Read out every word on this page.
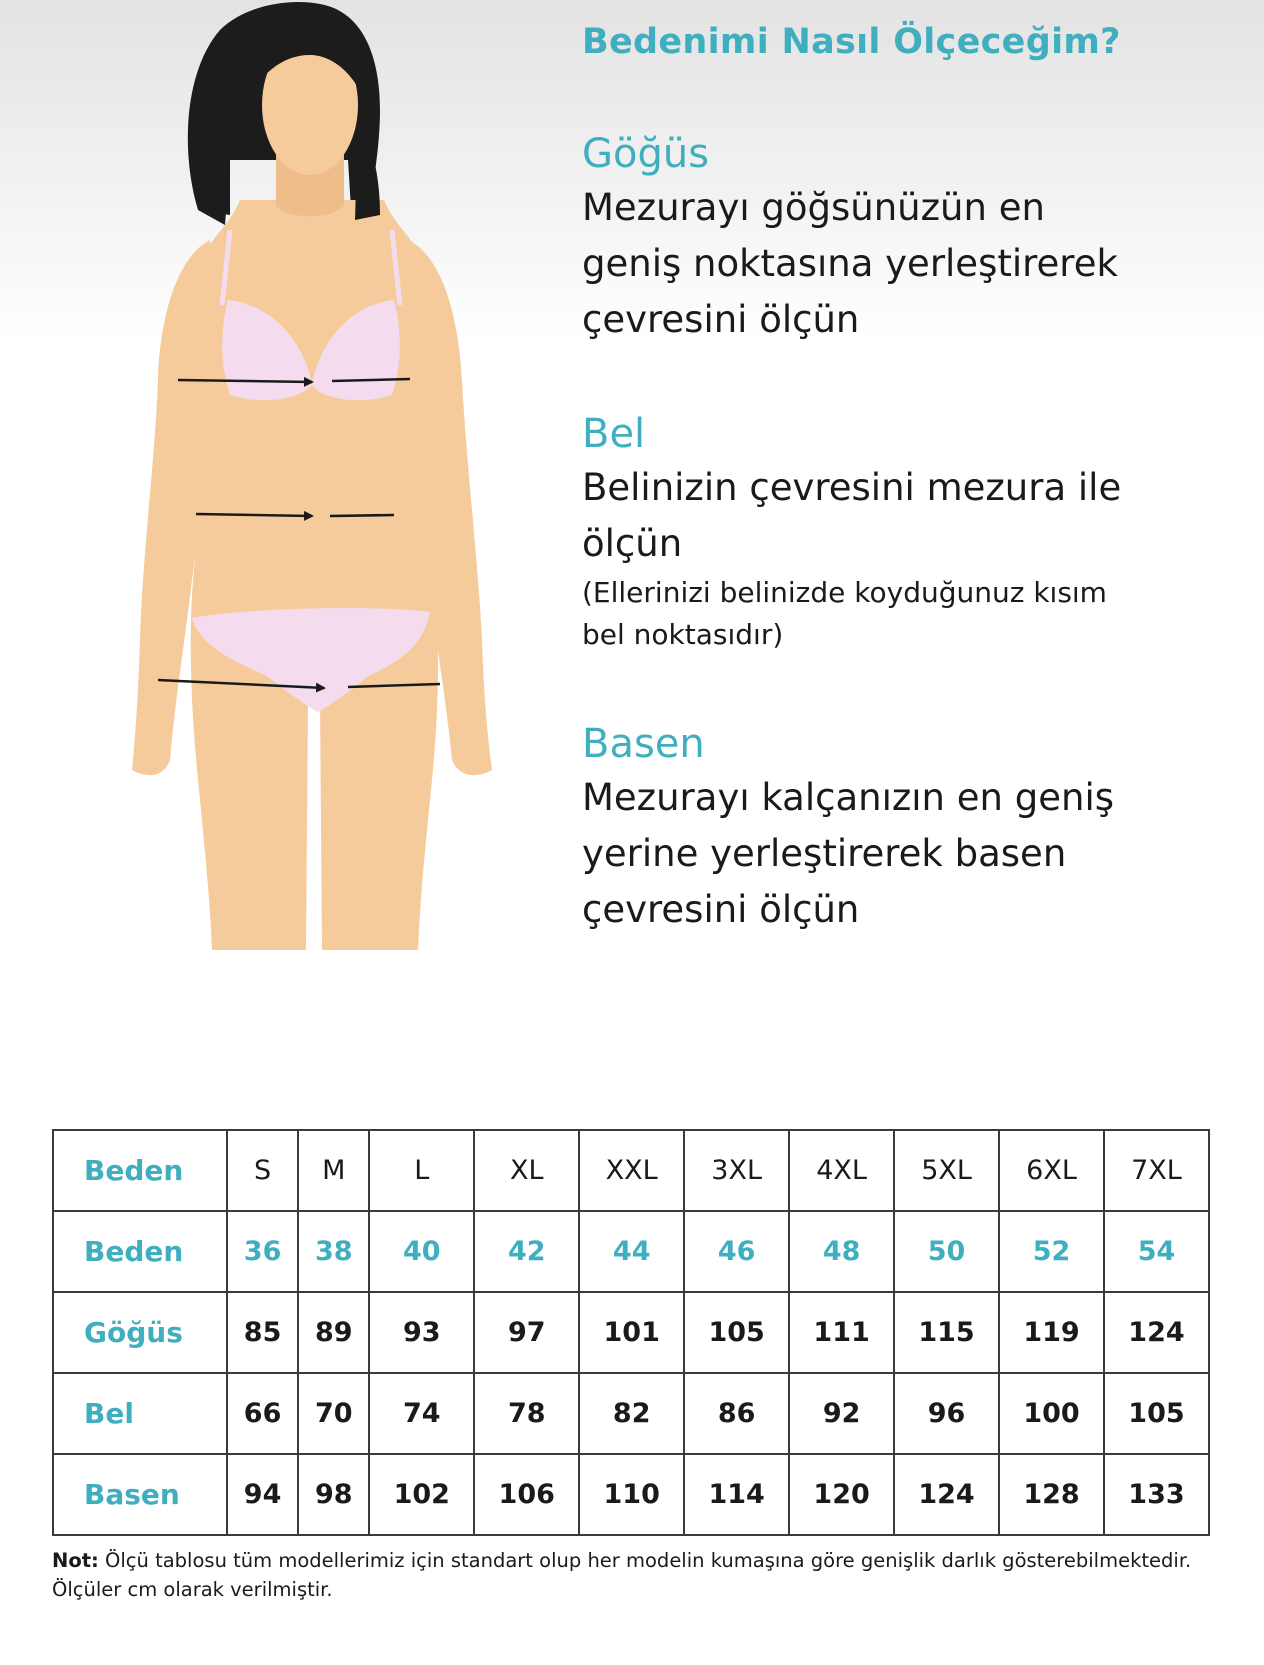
Bedenimi Nasıl Ölçeceğim?
Göğüs
Mezurayı göğsünüzün en
geniş noktasına yerleştirerek
çevresini ölçün
Bel
Belinizin çevresini mezura ile
ölçün
(Ellerinizi belinizde koyduğunuz kısım
bel noktasıdır)
Basen
Mezurayı kalçanızın en geniş
yerine yerleştirerek basen
çevresini ölçün
Beden	S	M	L	XL	XXL	3XL	4XL	5XL	6XL	7XL
Beden	36	38	40	42	44	46	48	50	52	54
Göğüs	85	89	93	97	101	105	111	115	119	124
Bel	66	70	74	78	82	86	92	96	100	105
Basen	94	98	102	106	110	114	120	124	128	133
Not: Ölçü tablosu tüm modellerimiz için standart olup her modelin kumaşına göre genişlik darlık gösterebilmektedir.
Ölçüler cm olarak verilmiştir.
